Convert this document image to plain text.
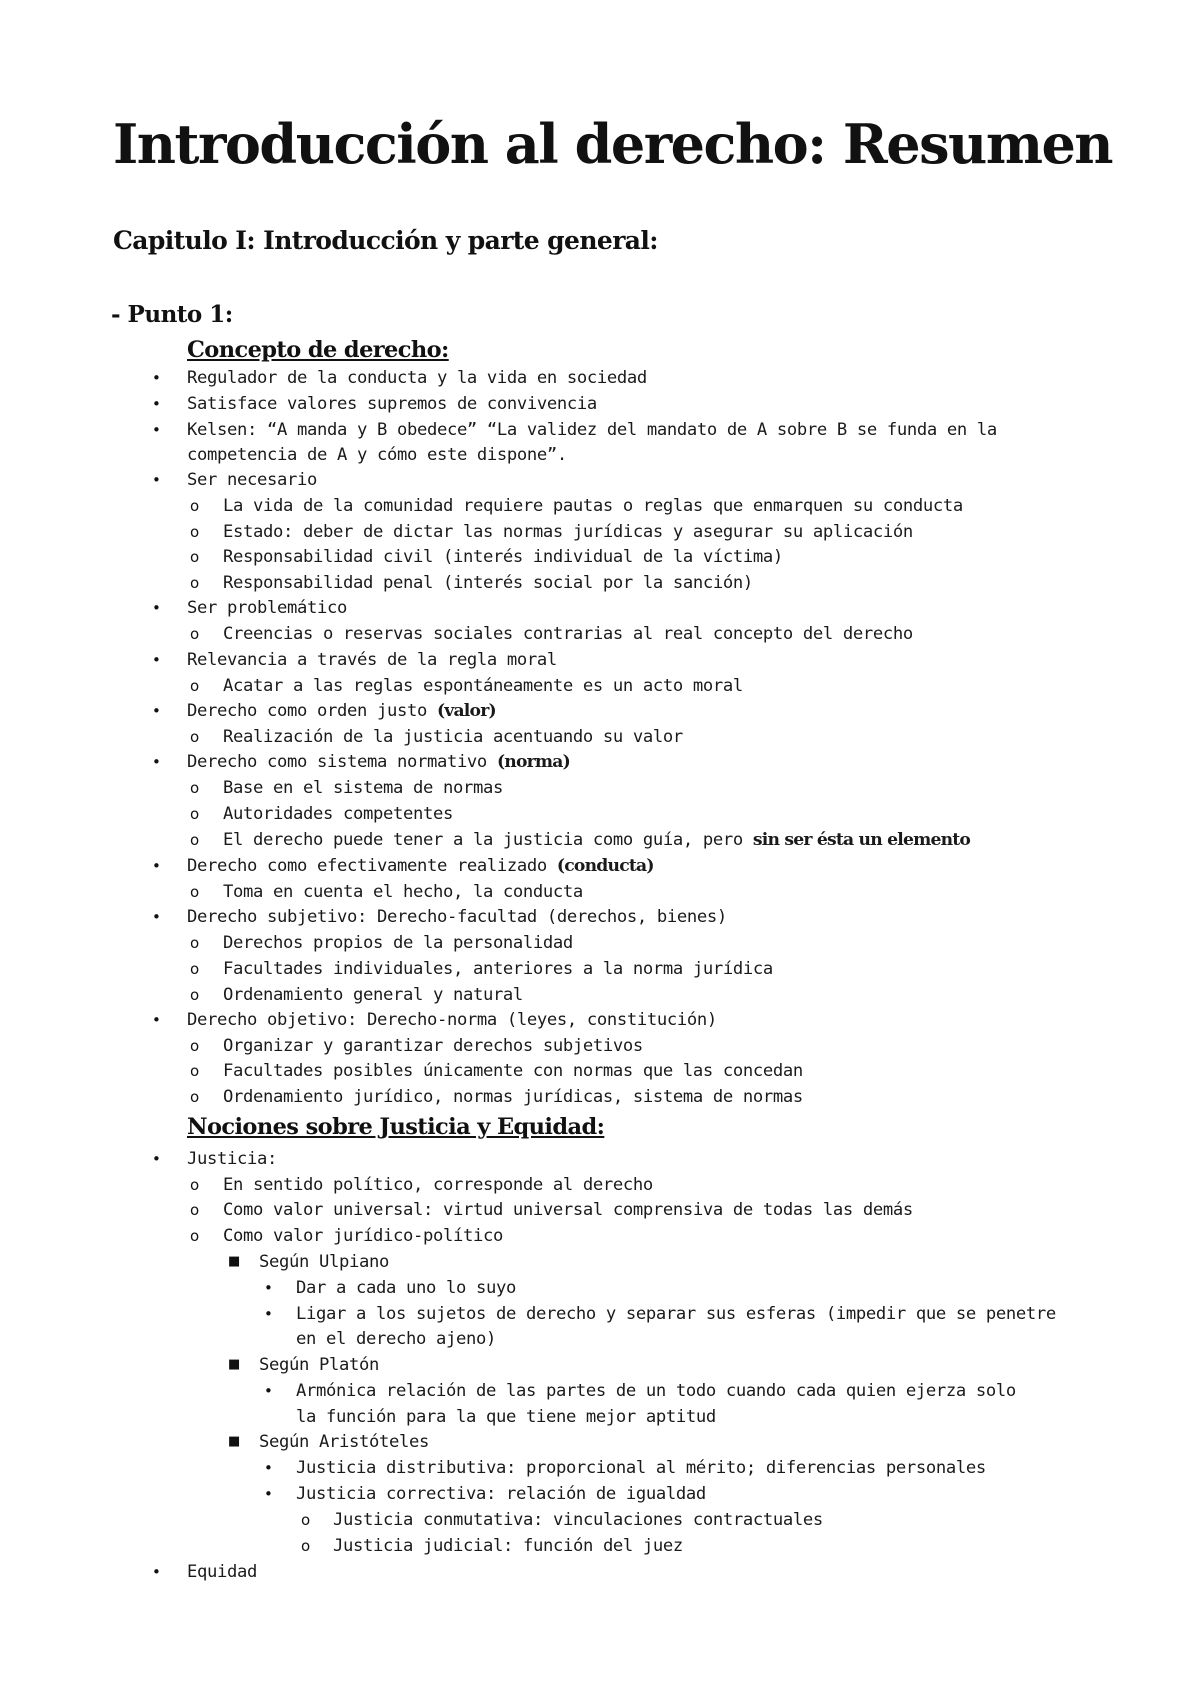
Introducción al derecho: Resumen
Capitulo I: Introducción y parte general:
- Punto 1:
Concepto de derecho:
• Regulador de la conducta y la vida en sociedad
• Satisface valores supremos de convivencia
• Kelsen: “A manda y B obedece” “La validez del mandato de A sobre B se funda en la
competencia de A y cómo este dispone”.
• Ser necesario
o La vida de la comunidad requiere pautas o reglas que enmarquen su conducta
o Estado: deber de dictar las normas jurídicas y asegurar su aplicación
o Responsabilidad civil (interés individual de la víctima)
o Responsabilidad penal (interés social por la sanción)
• Ser problemático
o Creencias o reservas sociales contrarias al real concepto del derecho
• Relevancia a través de la regla moral
o Acatar a las reglas espontáneamente es un acto moral
• Derecho como orden justo (valor)
o Realización de la justicia acentuando su valor
• Derecho como sistema normativo (norma)
o Base en el sistema de normas
o Autoridades competentes
o El derecho puede tener a la justicia como guía, pero sin ser ésta un elemento
• Derecho como efectivamente realizado (conducta)
o Toma en cuenta el hecho, la conducta
• Derecho subjetivo: Derecho-facultad (derechos, bienes)
o Derechos propios de la personalidad
o Facultades individuales, anteriores a la norma jurídica
o Ordenamiento general y natural
• Derecho objetivo: Derecho-norma (leyes, constitución)
o Organizar y garantizar derechos subjetivos
o Facultades posibles únicamente con normas que las concedan
o Ordenamiento jurídico, normas jurídicas, sistema de normas
Nociones sobre Justicia y Equidad:
• Justicia:
o En sentido político, corresponde al derecho
o Como valor universal: virtud universal comprensiva de todas las demás
o Como valor jurídico-político
■ Según Ulpiano
• Dar a cada uno lo suyo
• Ligar a los sujetos de derecho y separar sus esferas (impedir que se penetre
en el derecho ajeno)
■ Según Platón
• Armónica relación de las partes de un todo cuando cada quien ejerza solo
la función para la que tiene mejor aptitud
■ Según Aristóteles
• Justicia distributiva: proporcional al mérito; diferencias personales
• Justicia correctiva: relación de igualdad
o Justicia conmutativa: vinculaciones contractuales
o Justicia judicial: función del juez
• Equidad
